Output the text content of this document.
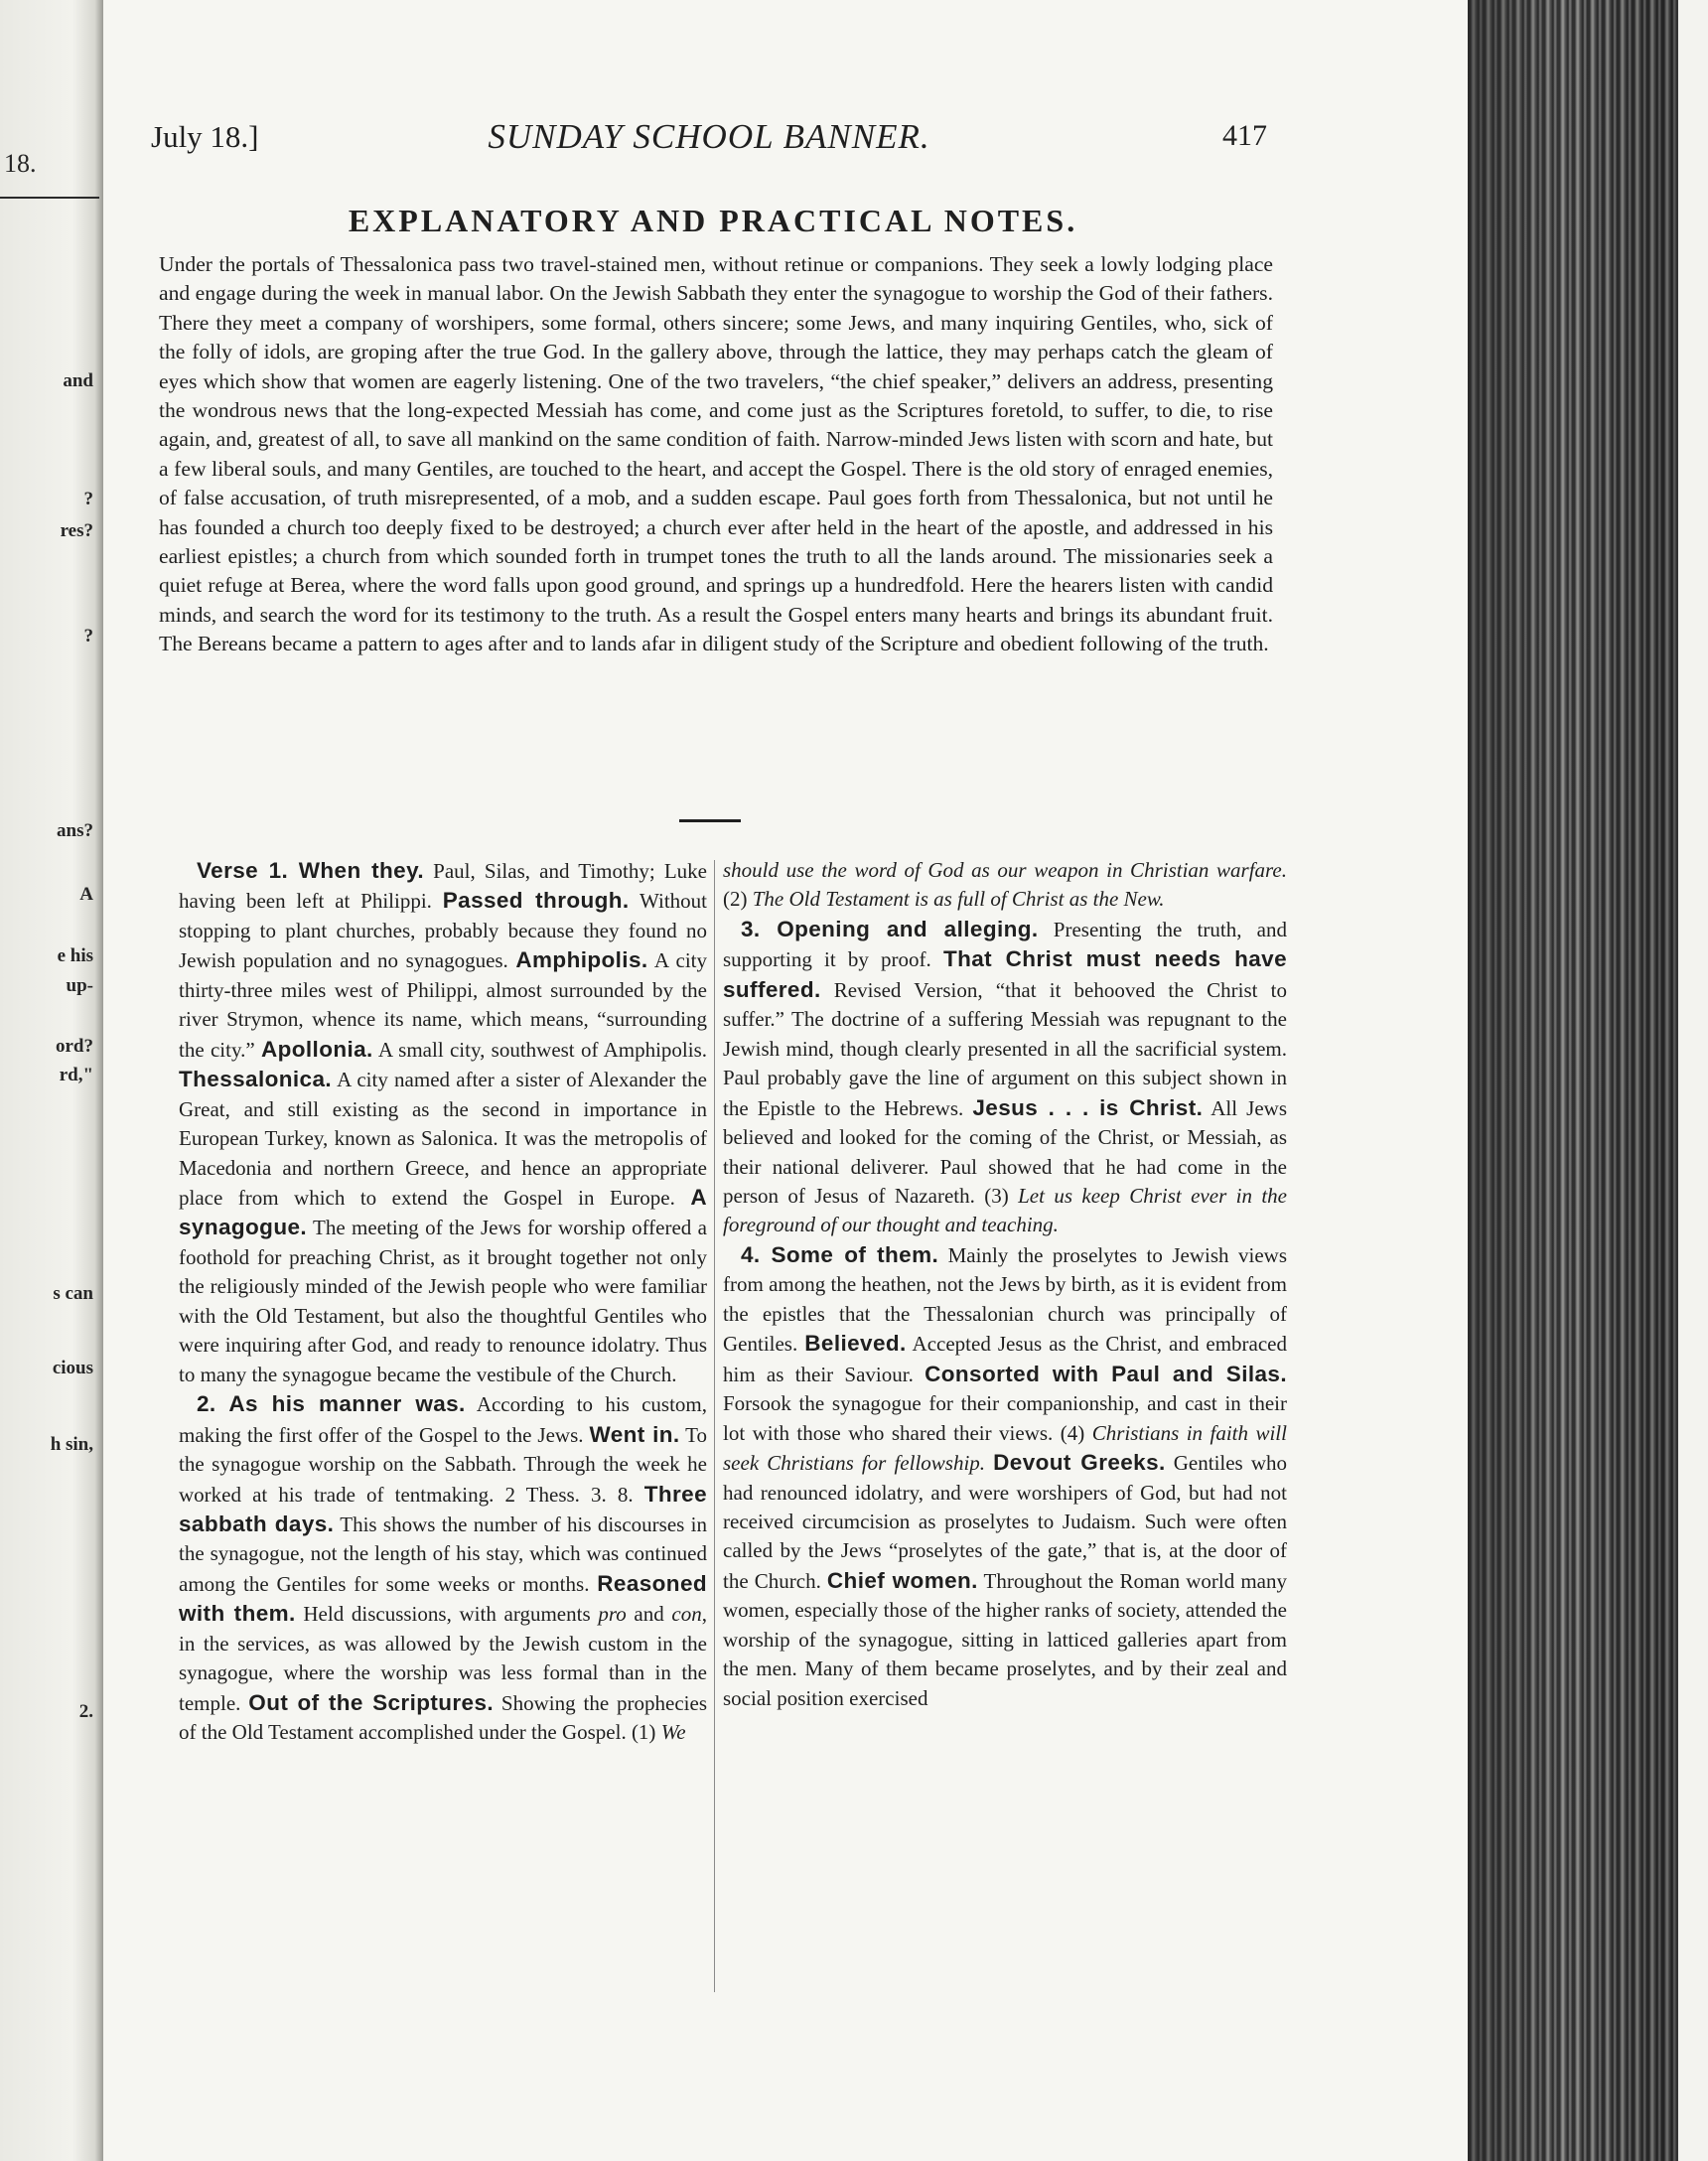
18.
and
?
res?
?
ans?
A
e his
up-
ord?
rd,"
s can
cious
h sin,
2.
July 18.]	SUNDAY SCHOOL BANNER.	417
EXPLANATORY AND PRACTICAL NOTES.

Under the portals of Thessalonica pass two travel-stained men, without retinue or companions. They seek a lowly lodging place and engage during the week in manual labor. On the Jewish Sabbath they enter the synagogue to worship the God of their fathers. There they meet a company of worshipers, some formal, others sincere; some Jews, and many inquiring Gentiles, who, sick of the folly of idols, are groping after the true God. In the gallery above, through the lattice, they may perhaps catch the gleam of eyes which show that women are eagerly listening. One of the two travelers, “the chief speaker,” delivers an address, presenting the wondrous news that the long-expected Messiah has come, and come just as the Scriptures foretold, to suffer, to die, to rise again, and, greatest of all, to save all mankind on the same condition of faith. Narrow-minded Jews listen with scorn and hate, but a few liberal souls, and many Gentiles, are touched to the heart, and accept the Gospel. There is the old story of enraged enemies, of false accusation, of truth misrepresented, of a mob, and a sudden escape. Paul goes forth from Thessalonica, but not until he has founded a church too deeply fixed to be destroyed; a church ever after held in the heart of the apostle, and addressed in his earliest epistles; a church from which sounded forth in trumpet tones the truth to all the lands around. The missionaries seek a quiet refuge at Berea, where the word falls upon good ground, and springs up a hundredfold. Here the hearers listen with candid minds, and search the word for its testimony to the truth. As a result the Gospel enters many hearts and brings its abundant fruit. The Bereans became a pattern to ages after and to lands afar in diligent study of the Scripture and obedient following of the truth.

Verse 1. When they. Paul, Silas, and Timothy; Luke having been left at Philippi. Passed through. Without stopping to plant churches, probably because they found no Jewish population and no synagogues. Amphipolis. A city thirty-three miles west of Philippi, almost surrounded by the river Strymon, whence its name, which means, “surrounding the city.” Apollonia. A small city, southwest of Amphipolis. Thessalonica. A city named after a sister of Alexander the Great, and still existing as the second in importance in European Turkey, known as Salonica. It was the metropolis of Macedonia and northern Greece, and hence an appropriate place from which to extend the Gospel in Europe. A synagogue. The meeting of the Jews for worship offered a foothold for preaching Christ, as it brought together not only the religiously minded of the Jewish people who were familiar with the Old Testament, but also the thoughtful Gentiles who were inquiring after God, and ready to renounce idolatry. Thus to many the synagogue became the vestibule of the Church.

2. As his manner was. According to his custom, making the first offer of the Gospel to the Jews. Went in. To the synagogue worship on the Sabbath. Through the week he worked at his trade of tentmaking. 2 Thess. 3. 8. Three sabbath days. This shows the number of his discourses in the synagogue, not the length of his stay, which was continued among the Gentiles for some weeks or months. Reasoned with them. Held discussions, with arguments pro and con, in the services, as was allowed by the Jewish custom in the synagogue, where the worship was less formal than in the temple. Out of the Scriptures. Showing the prophecies of the Old Testament accomplished under the Gospel. (1) We

should use the word of God as our weapon in Christian warfare. (2) The Old Testament is as full of Christ as the New.

3. Opening and alleging. Presenting the truth, and supporting it by proof. That Christ must needs have suffered. Revised Version, “that it behooved the Christ to suffer.” The doctrine of a suffering Messiah was repugnant to the Jewish mind, though clearly presented in all the sacrificial system. Paul probably gave the line of argument on this subject shown in the Epistle to the Hebrews. Jesus . . . is Christ. All Jews believed and looked for the coming of the Christ, or Messiah, as their national deliverer. Paul showed that he had come in the person of Jesus of Nazareth. (3) Let us keep Christ ever in the foreground of our thought and teaching.

4. Some of them. Mainly the proselytes to Jewish views from among the heathen, not the Jews by birth, as it is evident from the epistles that the Thessalonian church was principally of Gentiles. Believed. Accepted Jesus as the Christ, and embraced him as their Saviour. Consorted with Paul and Silas. Forsook the synagogue for their companionship, and cast in their lot with those who shared their views. (4) Christians in faith will seek Christians for fellowship. Devout Greeks. Gentiles who had renounced idolatry, and were worshipers of God, but had not received circumcision as proselytes to Judaism. Such were often called by the Jews “proselytes of the gate,” that is, at the door of the Church. Chief women. Throughout the Roman world many women, especially those of the higher ranks of society, attended the worship of the synagogue, sitting in latticed galleries apart from the men. Many of them became proselytes, and by their zeal and social position exercised
